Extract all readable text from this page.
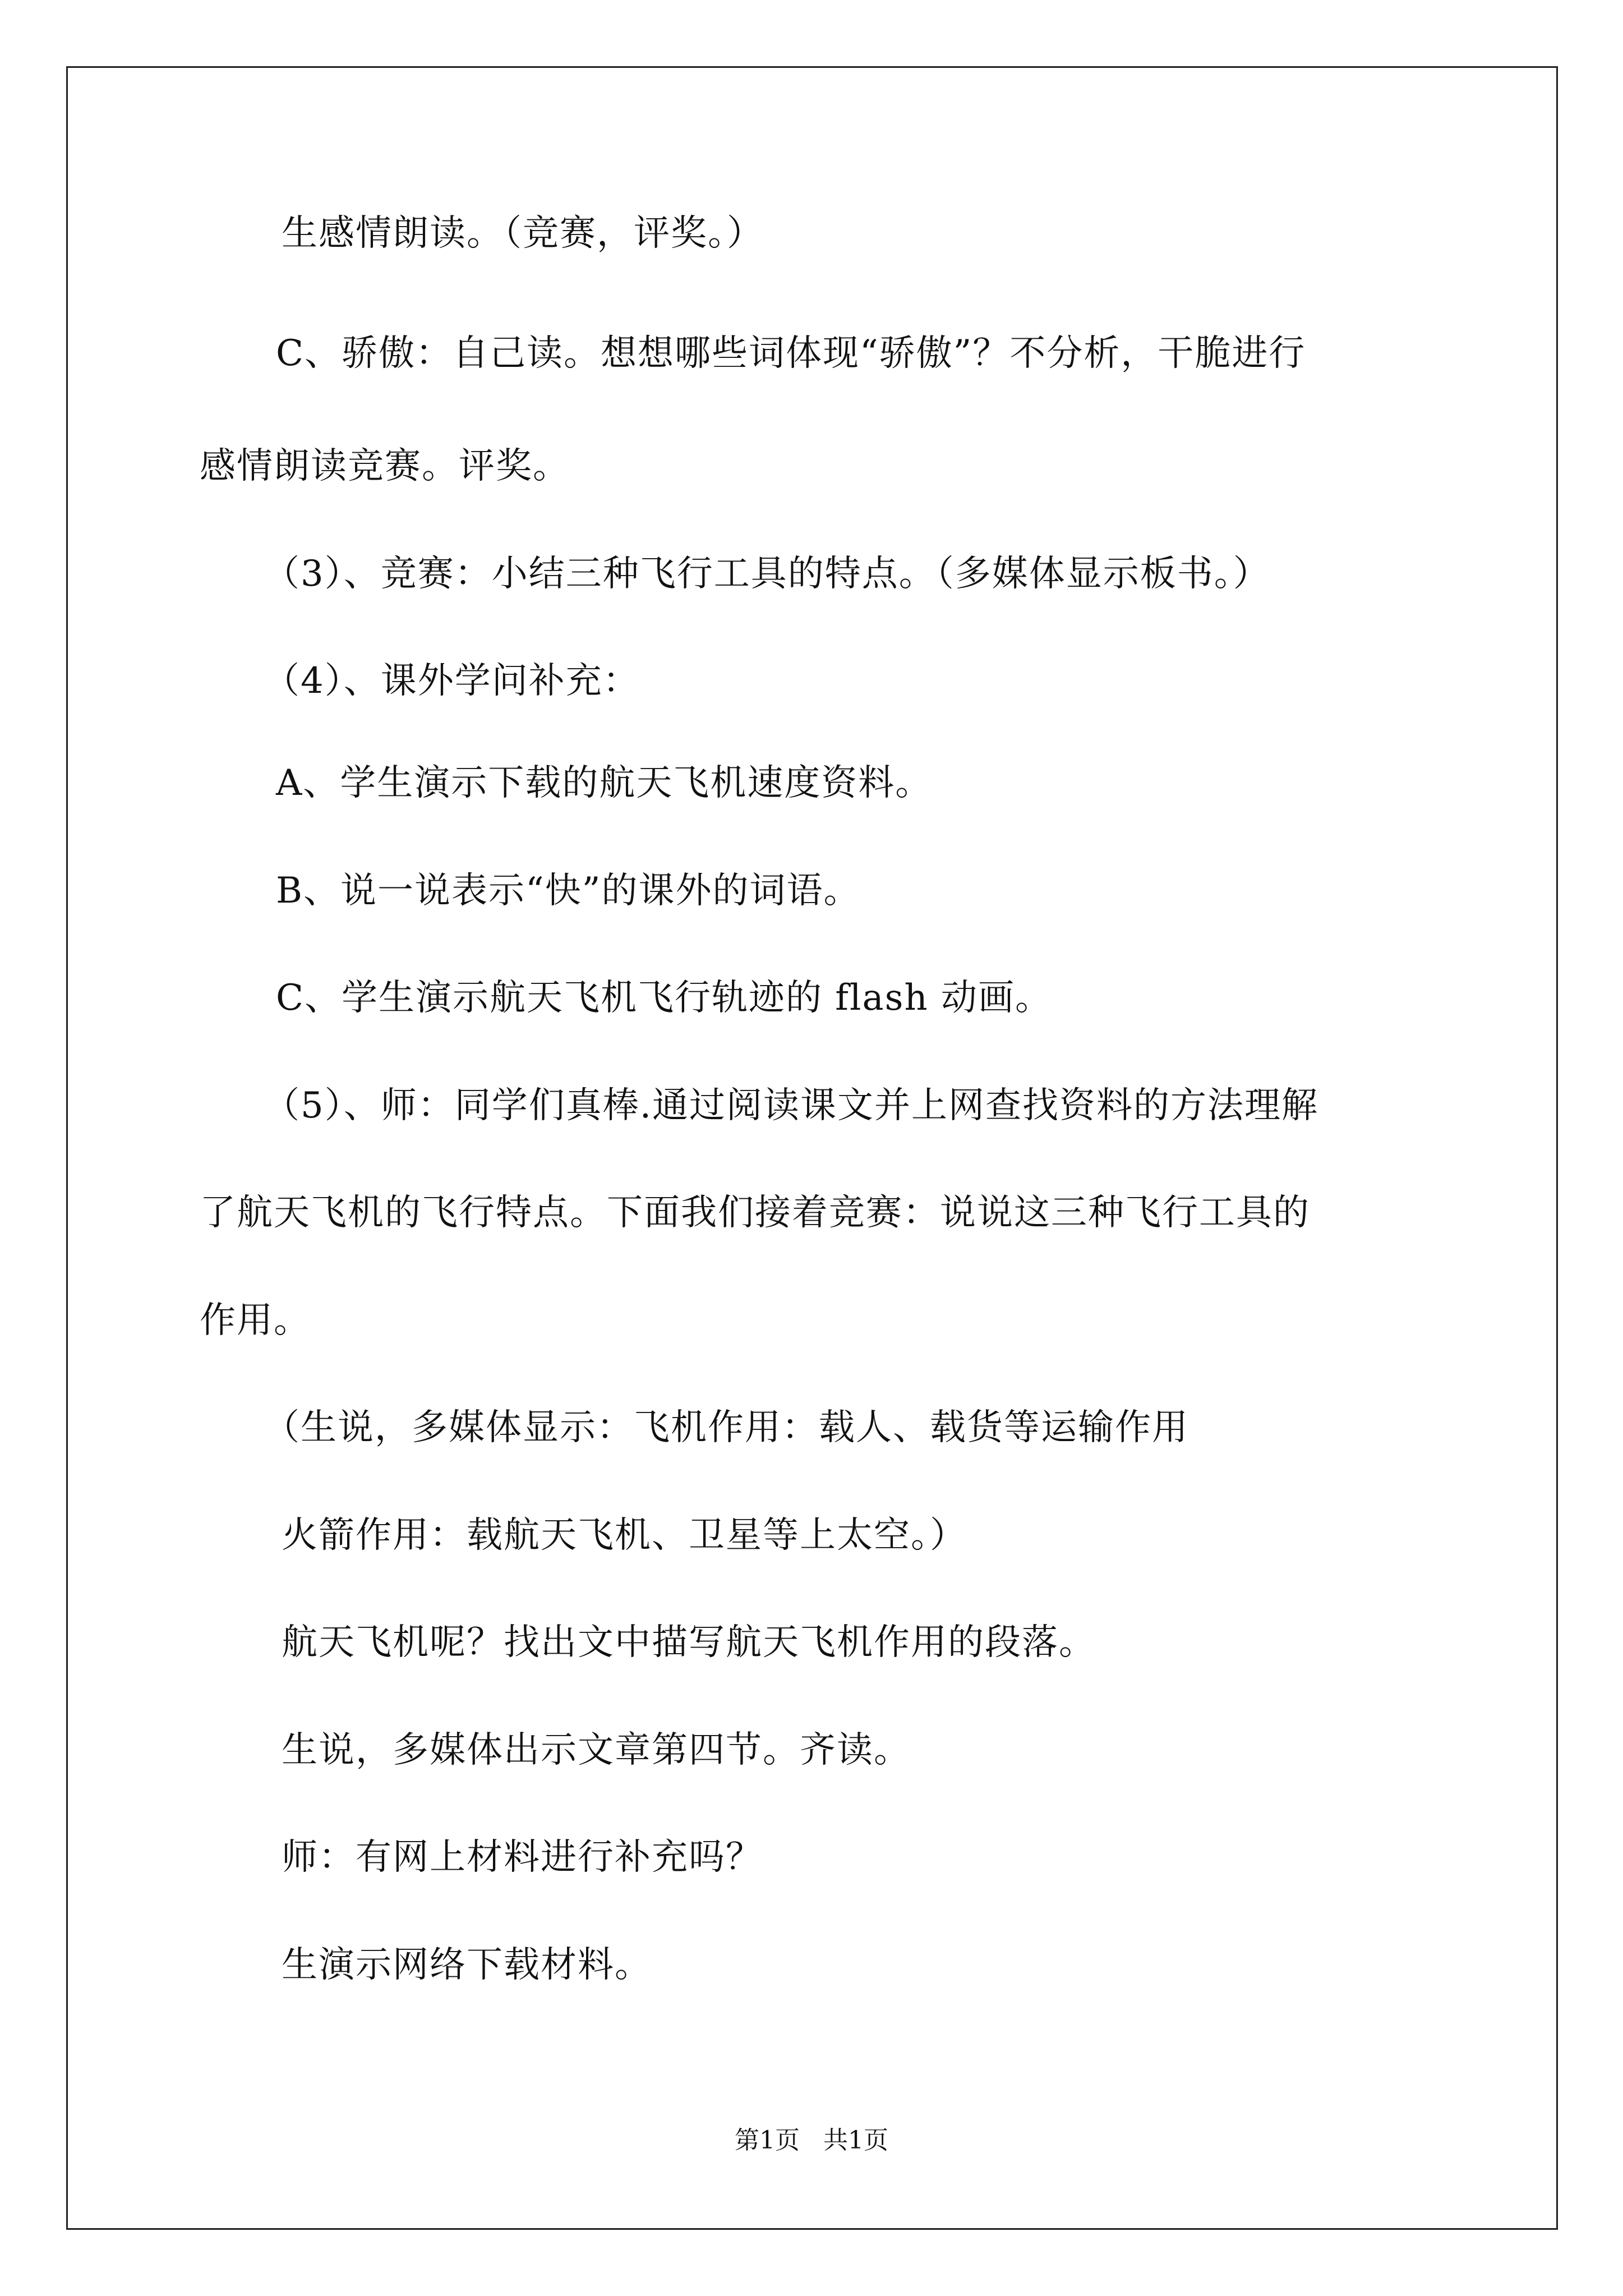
生感情朗读。（竞赛，评奖。）
C、骄傲：自己读。想想哪些词体现“骄傲”？不分析，干脆进行
感情朗读竞赛。评奖。
（3）、竞赛：小结三种飞行工具的特点。（多媒体显示板书。）
（4）、课外学问补充：
A、学生演示下载的航天飞机速度资料。
B、说一说表示“快”的课外的词语。
C、学生演示航天飞机飞行轨迹的 flash 动画。
（5）、师：同学们真棒.通过阅读课文并上网查找资料的方法理解
了航天飞机的飞行特点。下面我们接着竞赛：说说这三种飞行工具的
作用。
（生说，多媒体显示：飞机作用：载人、载货等运输作用
火箭作用：载航天飞机、卫星等上太空。）
航天飞机呢？找出文中描写航天飞机作用的段落。
生说，多媒体出示文章第四节。齐读。
师：有网上材料进行补充吗？
生演示网络下载材料。
第1页   共1页
